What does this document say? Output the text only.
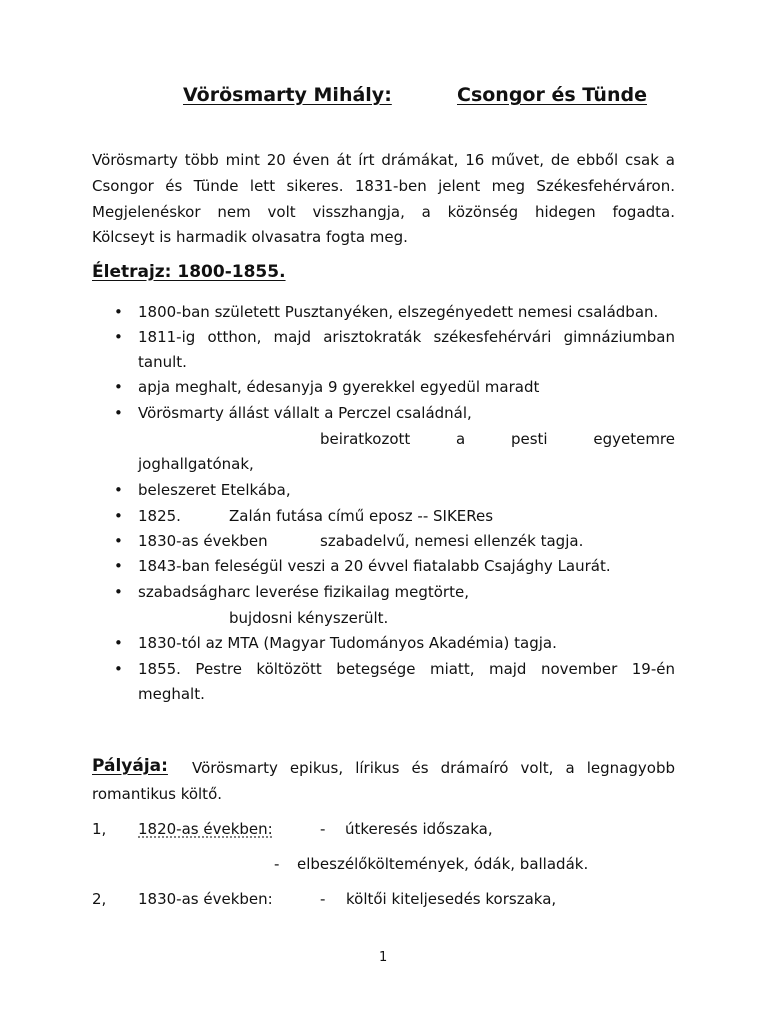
Vörösmarty Mihály:	Csongor és Tünde
Vörösmarty több mint 20 éven át írt drámákat, 16 művet, de ebből csak a
Csongor és Tünde lett sikeres. 1831-ben jelent meg Székesfehérváron.
Megjelenéskor nem volt visszhangja, a közönség hidegen fogadta.
Kölcseyt is harmadik olvasatra fogta meg.
Életrajz: 1800-1855.
• 1800-ban született Pusztanyéken, elszegényedett nemesi családban.
• 1811-ig otthon, majd arisztokraták székesfehérvári gimnáziumban
tanult.
• apja meghalt, édesanyja 9 gyerekkel egyedül maradt
• Vörösmarty állást vállalt a Perczel családnál,
beiratkozott a pesti egyetemre
joghallgatónak,
• beleszeret Etelkába,
• 1825.	Zalán futása című eposz -- SIKERes
• 1830-as években	szabadelvű, nemesi ellenzék tagja.
• 1843-ban feleségül veszi a 20 évvel fiatalabb Csajághy Laurát.
• szabadságharc leverése fizikailag megtörte,
bujdosni kényszerült.
• 1830-tól az MTA (Magyar Tudományos Akadémia) tagja.
• 1855. Pestre költözött betegsége miatt, majd november 19-én
meghalt.
Pályája: Vörösmarty epikus, lírikus és drámaíró volt, a legnagyobb
romantikus költő.
1, 1820-as években:	- útkeresés időszaka,
- elbeszélőköltemények, ódák, balladák.
2, 1830-as években:	- költői kiteljesedés korszaka,
1
